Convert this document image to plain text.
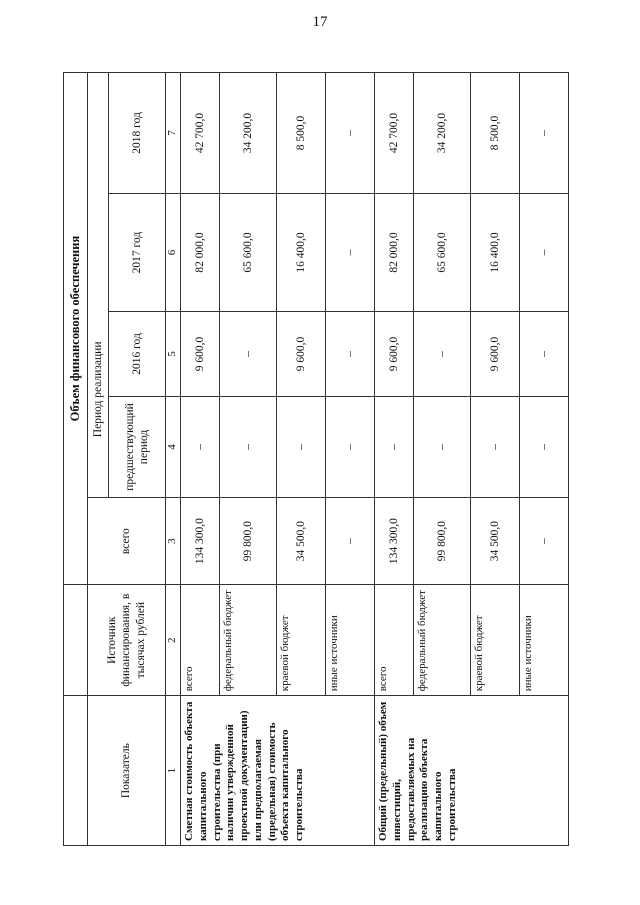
17
		Объем финансового обеспечения				
Показатель	Источник финансирования, в тысячах рублей	всего	Период реализации			
			предшествующий период	2016 год	2017 год	2018 год
1	2	3	4	5	6	7
Сметная стоимость объекта капитального строительства (при наличии утвержденной проектной документации) или предполагаемая (предельная) стоимость объекта капитального строительства	всего	134 300,0	–	9 600,0	82 000,0	42 700,0
	федеральный бюджет	99 800,0	–	–	65 600,0	34 200,0
	краевой бюджет	34 500,0	–	9 600,0	16 400,0	8 500,0
	иные источники	–	–	–	–	–
Общий (предельный) объем инвестиций, предоставляемых на реализацию объекта капитального строительства	всего	134 300,0	–	9 600,0	82 000,0	42 700,0
	федеральный бюджет	99 800,0	–	–	65 600,0	34 200,0
	краевой бюджет	34 500,0	–	9 600,0	16 400,0	8 500,0
	иные источники	–	–	–	–	–
